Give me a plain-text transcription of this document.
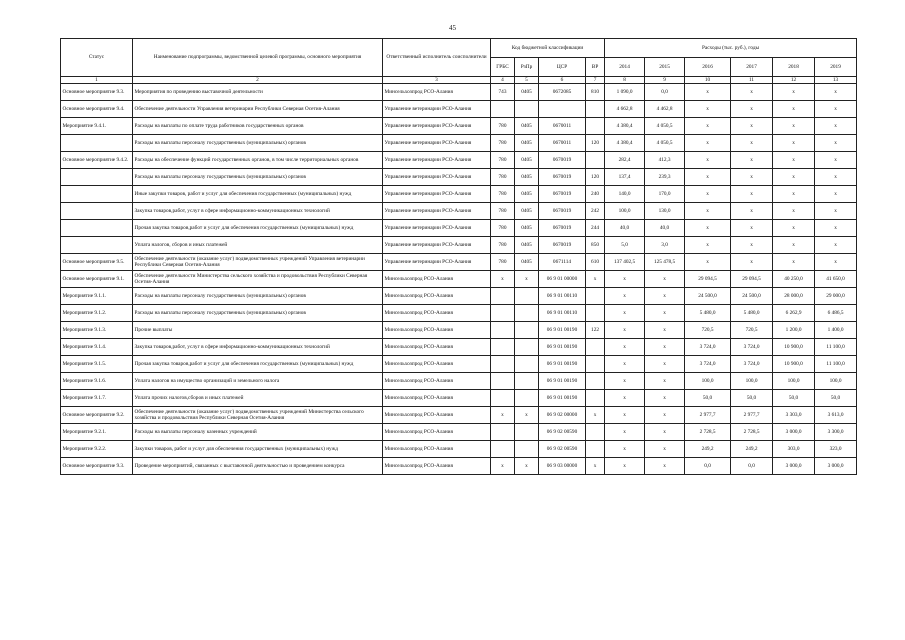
45
Статус	Наименование подпрограммы, ведомственной целевой программы, основного мероприятия	Ответственный исполнитель соисполнители	Код бюджетной классификации				Расходы (тыс. руб.), годы					
			ГРБС	РзПр	ЦСР	ВР	2014	2015	2016	2017	2018	2019
1	2	3	4	5	6	7	8	9	10	11	12	13
Основное мероприятие 9.3.	Мероприятия по проведению выставочной деятельности	Минсельхозпрод РСО-Алания	743	0405	0672085	810	1 090,0	0,0	х	х	х	х
Основное мероприятие 9.4.	Обеспечение деятельности Управления ветеринарии Республики Северная Осетия-Алания	Управление ветеринарии РСО-Алания					4 662,8	4 462,8	х	х	х	х
Мероприятие 9.4.1.	Расходы на выплаты по оплате труда работников государственных органов	Управление ветеринарии РСО-Алания	780	0405	0670011		4 380,4	4 050,5	х	х	х	х
	Расходы на выплаты персоналу государственных (муниципальных) органов	Управление ветеринарии РСО-Алания	780	0405	0670011	120	4 380,4	4 050,5	х	х	х	х
Основное мероприятие 9.4.2.	Расходы на обеспечение функций государственных органов, в том числе территориальных органов	Управление ветеринарии РСО-Алания	780	0405	0670019		282,4	412,3	х	х	х	х
	Расходы на выплаты персоналу государственных (муниципальных) органов	Управление ветеринарии РСО-Алания	780	0405	0670019	120	137,4	239,3	х	х	х	х
	Иные закупки товаров, работ и услуг для обеспечения государственных (муниципальных) нужд	Управление ветеринарии РСО-Алания	780	0405	0670019	240	140,0	170,0	х	х	х	х
	Закупка товаров,работ, услуг в сфере информационно-коммуникационных технологий	Управление ветеринарии РСО-Алания	780	0405	0670019	242	100,0	130,0	х	х	х	х
	Прочая закупка товаров,работ и услуг для обеспечения государственных (муниципальных) нужд	Управление ветеринарии РСО-Алания	780	0405	0670019	244	40,0	40,0	х	х	х	х
	Уплата налогов, сборов и иных платежей	Управление ветеринарии РСО-Алания	780	0405	0670019	850	5,0	3,0	х	х	х	х
Основное мероприятие 9.5.	Обеспечение деятельности (оказание услуг) подведомственных учреждений Управления ветеринарии Республики Северная Осетия-Алания	Управление ветеринарии РСО-Алания	780	0405	0671114	610	137 402,5	125 478,5	х	х	х	х
Основное мероприятие 9.1.	Обеспечение деятельности Министерства сельского хозяйства и продовольствия Республики Северная Осетия-Алания	Минсельхозпрод РСО-Алания	х	х	06 9 01 00000	х	х	х	29 094,5	29 094,5	40 250,0	41 650,0
Мероприятие 9.1.1.	Расходы на выплаты персоналу государственных (муниципальных) органов	Минсельхозпрод РСО-Алания			06 9 01 00110		х	х	24 500,0	24 500,0	28 000,0	29 000,0
Мероприятие 9.1.2.	Расходы на выплаты персоналу государственных (муниципальных) органов	Минсельхозпрод РСО-Алания			06 9 01 00110		х	х	5 480,0	5 480,0	6 262,9	6 486,5
Мероприятие 9.1.3.	Прочие выплаты	Минсельхозпрод РСО-Алания			06 9 01 00190	122	х	х	720,5	720,5	1 200,0	1 400,0
Мероприятие 9.1.4.	Закупка товаров,работ, услуг в сфере информационно-коммуникационных технологий	Минсельхозпрод РСО-Алания			06 9 01 00190		х	х	3 724,0	3 724,0	10 900,0	11 100,0
Мероприятие 9.1.5.	Прочая закупка товаров,работ и услуг для обеспечения государственных (муниципальных) нужд	Минсельхозпрод РСО-Алания			06 9 01 00190		х	х	3 724,0	3 724,0	10 900,0	11 100,0
Мероприятие 9.1.6.	Уплата налогов на имущество организаций и земельного налога	Минсельхозпрод РСО-Алания			06 9 01 00190		х	х	100,0	100,0	100,0	100,0
Мероприятие 9.1.7.	Уплата прочих налогов,сборов и иных платежей	Минсельхозпрод РСО-Алания			06 9 01 00190		х	х	50,0	50,0	50,0	50,0
Основное мероприятие 9.2.	Обеспечение деятельности (оказание услуг) подведомственных учреждений Министерства сельского хозяйства и продовольствия Республики Северная Осетия-Алания	Минсельхозпрод РСО-Алания	х	х	06 9 02 00000	х	х	х	2 977,7	2 977,7	3 303,0	3 613,0
Мероприятие 9.2.1.	Расходы на выплаты персоналу казенных учреждений	Минсельхозпрод РСО-Алания			06 9 02 00590		х	х	2 728,5	2 728,5	3 000,0	3 300,0
Мероприятие 9.2.2.	Закупки товаров, работ и услуг для обеспечения государственных (муниципальных) нужд	Минсельхозпрод РСО-Алания			06 9 02 00590		х	х	249,2	249,2	303,0	323,0
Основное мероприятие 9.3.	Проведение мероприятий, связанных с выставочной деятельностью и проведением конкурса	Минсельхозпрод РСО-Алания	х	х	06 9 03 00000	х	х	х	0,0	0,0	3 000,0	3 000,0
